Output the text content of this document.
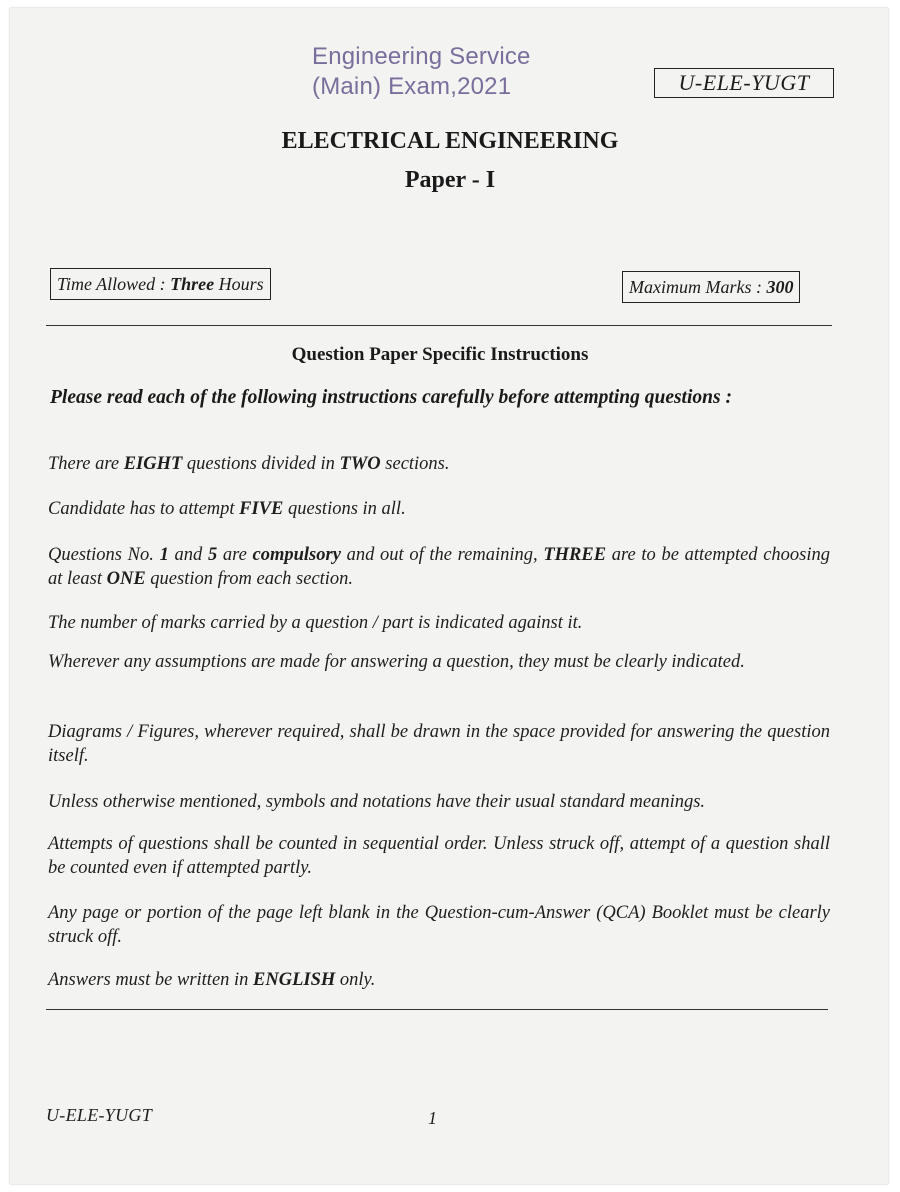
Engineering Service
(Main) Exam,2021	U-ELE-YUGT
ELECTRICAL ENGINEERING
Paper - I
Time Allowed : Three Hours	Maximum Marks : 300
Question Paper Specific Instructions
Please read each of the following instructions carefully before attempting questions :
There are EIGHT questions divided in TWO sections.
Candidate has to attempt FIVE questions in all.
Questions No. 1 and 5 are compulsory and out of the remaining, THREE are to be attempted choosing at least ONE question from each section.
The number of marks carried by a question / part is indicated against it.
Wherever any assumptions are made for answering a question, they must be clearly indicated.
Diagrams / Figures, wherever required, shall be drawn in the space provided for answering the question itself.
Unless otherwise mentioned, symbols and notations have their usual standard meanings.
Attempts of questions shall be counted in sequential order. Unless struck off, attempt of a question shall be counted even if attempted partly.
Any page or portion of the page left blank in the Question-cum-Answer (QCA) Booklet must be clearly struck off.
Answers must be written in ENGLISH only.
U-ELE-YUGT	1
